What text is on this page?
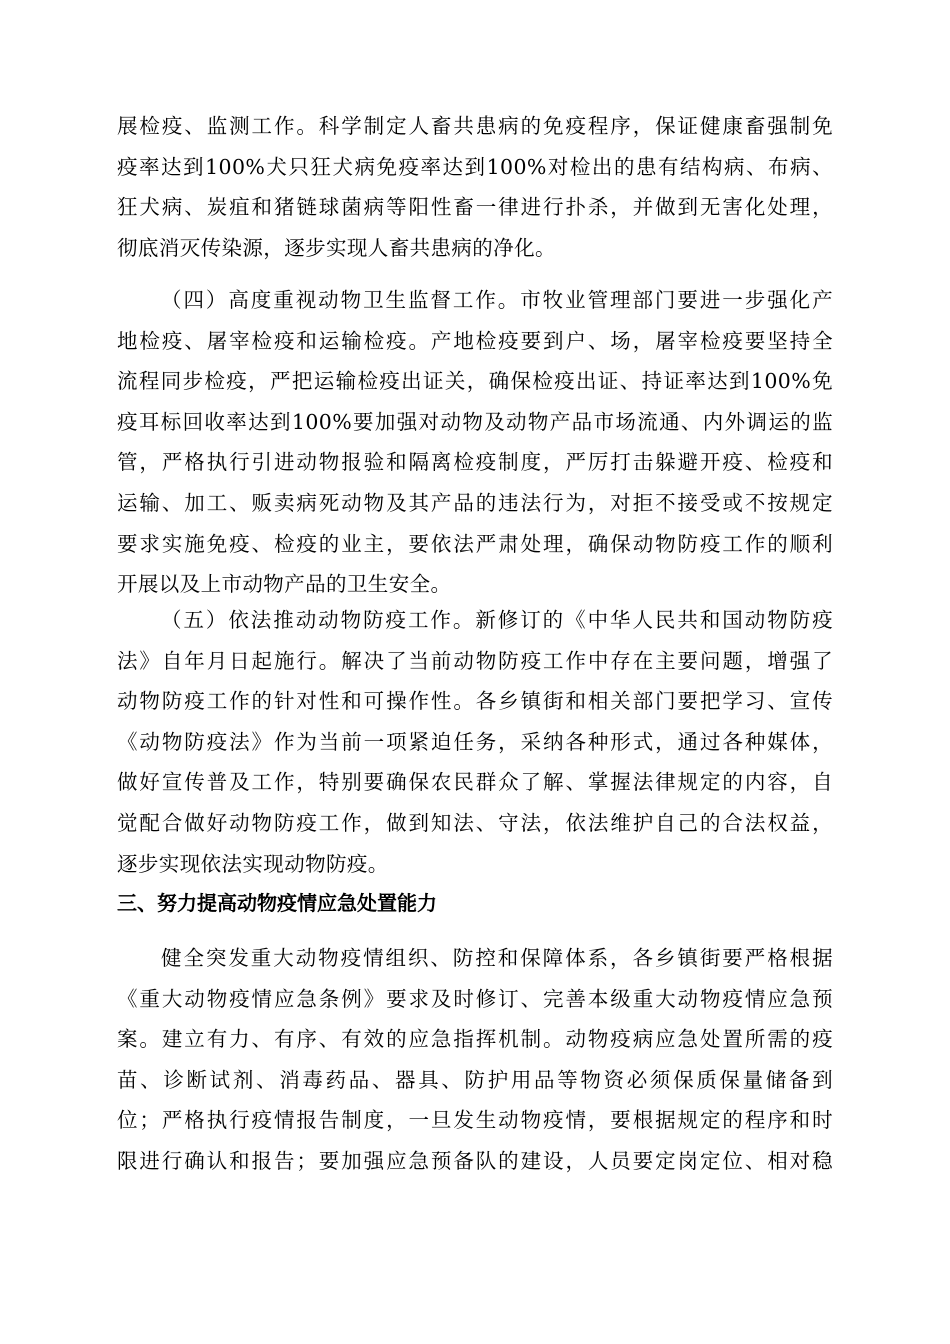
展检疫、监测工作。科学制定人畜共患病的免疫程序，保证健康畜强制免
疫率达到100%犬只狂犬病免疫率达到100%对检出的患有结构病、布病、
狂犬病、炭疽和猪链球菌病等阳性畜一律进行扑杀，并做到无害化处理，
彻底消灭传染源，逐步实现人畜共患病的净化。
（四）高度重视动物卫生监督工作。市牧业管理部门要进一步强化产
地检疫、屠宰检疫和运输检疫。产地检疫要到户、场，屠宰检疫要坚持全
流程同步检疫，严把运输检疫出证关，确保检疫出证、持证率达到100%免
疫耳标回收率达到100%要加强对动物及动物产品市场流通、内外调运的监
管，严格执行引进动物报验和隔离检疫制度，严厉打击躲避开疫、检疫和
运输、加工、贩卖病死动物及其产品的违法行为，对拒不接受或不按规定
要求实施免疫、检疫的业主，要依法严肃处理，确保动物防疫工作的顺利
开展以及上市动物产品的卫生安全。
（五）依法推动动物防疫工作。新修订的《中华人民共和国动物防疫
法》自年月日起施行。解决了当前动物防疫工作中存在主要问题，增强了
动物防疫工作的针对性和可操作性。各乡镇街和相关部门要把学习、宣传
《动物防疫法》作为当前一项紧迫任务，采纳各种形式，通过各种媒体，
做好宣传普及工作，特别要确保农民群众了解、掌握法律规定的内容，自
觉配合做好动物防疫工作，做到知法、守法，依法维护自己的合法权益，
逐步实现依法实现动物防疫。
三、努力提高动物疫情应急处置能力
健全突发重大动物疫情组织、防控和保障体系，各乡镇街要严格根据
《重大动物疫情应急条例》要求及时修订、完善本级重大动物疫情应急预
案。建立有力、有序、有效的应急指挥机制。动物疫病应急处置所需的疫
苗、诊断试剂、消毒药品、器具、防护用品等物资必须保质保量储备到
位；严格执行疫情报告制度，一旦发生动物疫情，要根据规定的程序和时
限进行确认和报告；要加强应急预备队的建设，人员要定岗定位、相对稳
